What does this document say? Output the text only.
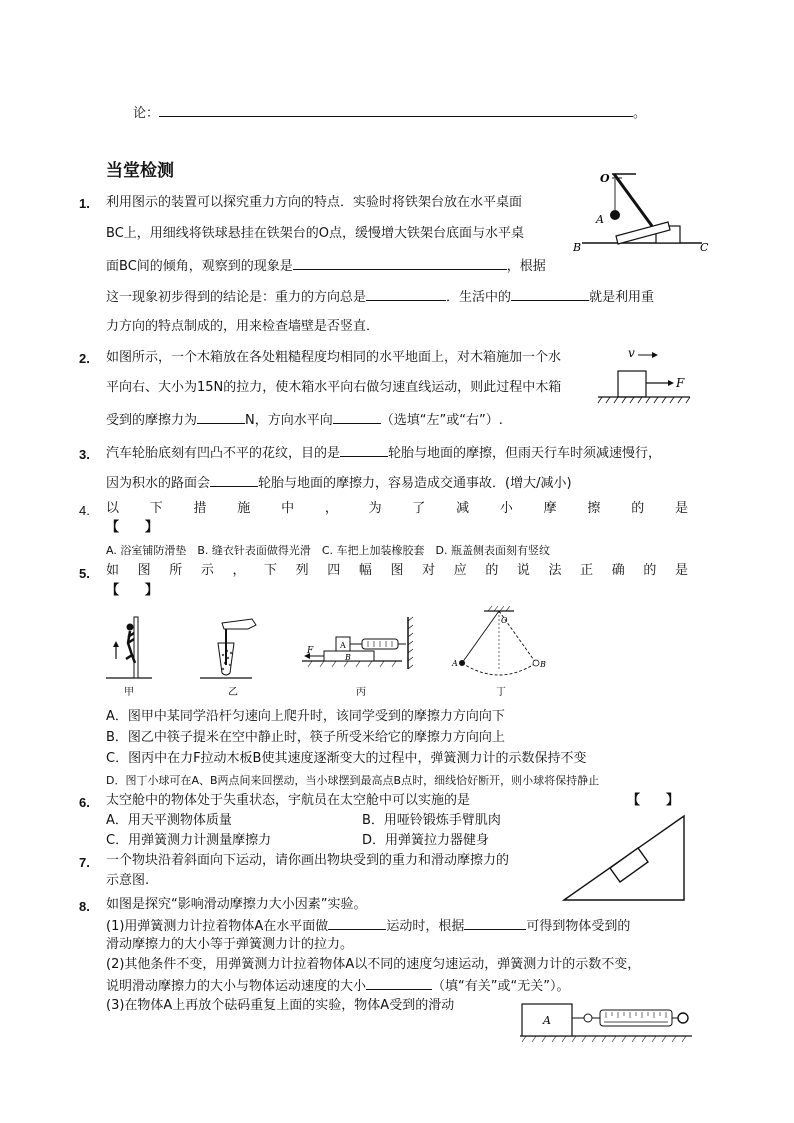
论：	。
当堂检测
1. 利用图示的装置可以探究重力方向的特点．实验时将铁架台放在水平桌面
BC上，用细线将铁球悬挂在铁架台的O点，缓慢增大铁架台底面与水平桌
面BC间的倾角，观察到的现象是	，根据
这一现象初步得到的结论是：重力的方向总是	．生活中的	就是利用重
力方向的特点制成的，用来检查墙壁是否竖直．
O
A
B	C
2. 如图所示，一个木箱放在各处粗糙程度均相同的水平地面上，对木箱施加一个水
平向右、大小为15N的拉力，使木箱水平向右做匀速直线运动，则此过程中木箱
受到的摩擦力为	N，方向水平向	（选填“左”或“右”）.
v
F
3. 汽车轮胎底刻有凹凸不平的花纹，目的是	轮胎与地面的摩擦，但雨天行车时须减速慢行，
因为积水的路面会	轮胎与地面的摩擦力，容易造成交通事故．(增大/减小)
4. 以 下 措 施 中 ， 为 了 减 小 摩 擦 的 是
【　　】
A. 浴室铺防滑垫　B. 缝衣针表面做得光滑　C. 车把上加装橡胶套　D. 瓶盖侧表面刻有竖纹
5. 如 图 所 示 ， 下 列 四 幅 图 对 应 的 说 法 正 确 的 是
【　　】
F
A
B
O
A	B
甲	乙	丙	丁
A．图甲中某同学沿杆匀速向上爬升时，该同学受到的摩擦力方向向下
B．图乙中筷子提米在空中静止时，筷子所受米给它的摩擦力方向向上
C．图丙中在力F拉动木板B使其速度逐渐变大的过程中，弹簧测力计的示数保持不变
D．图丁小球可在A、B两点间来回摆动，当小球摆到最高点B点时，细线恰好断开，则小球将保持静止
6. 太空舱中的物体处于失重状态，宇航员在太空舱中可以实施的是	【　　】
A．用天平测物体质量	B．用哑铃锻炼手臂肌肉
C．用弹簧测力计测量摩擦力	D．用弹簧拉力器健身
7. 一个物块沿着斜面向下运动，请你画出物块受到的重力和滑动摩擦力的
示意图.
8. 如图是探究“影响滑动摩擦力大小因素”实验。
(1)用弹簧测力计拉着物体A在水平面做	运动时，根据	可得到物体受到的
滑动摩擦力的大小等于弹簧测力计的拉力。
(2)其他条件不变，用弹簧测力计拉着物体A以不同的速度匀速运动，弹簧测力计的示数不变，
说明滑动摩擦力的大小与物体运动速度的大小	（填“有关”或“无关”）。
(3)在物体A上再放个砝码重复上面的实验，物体A受到的滑动
A
